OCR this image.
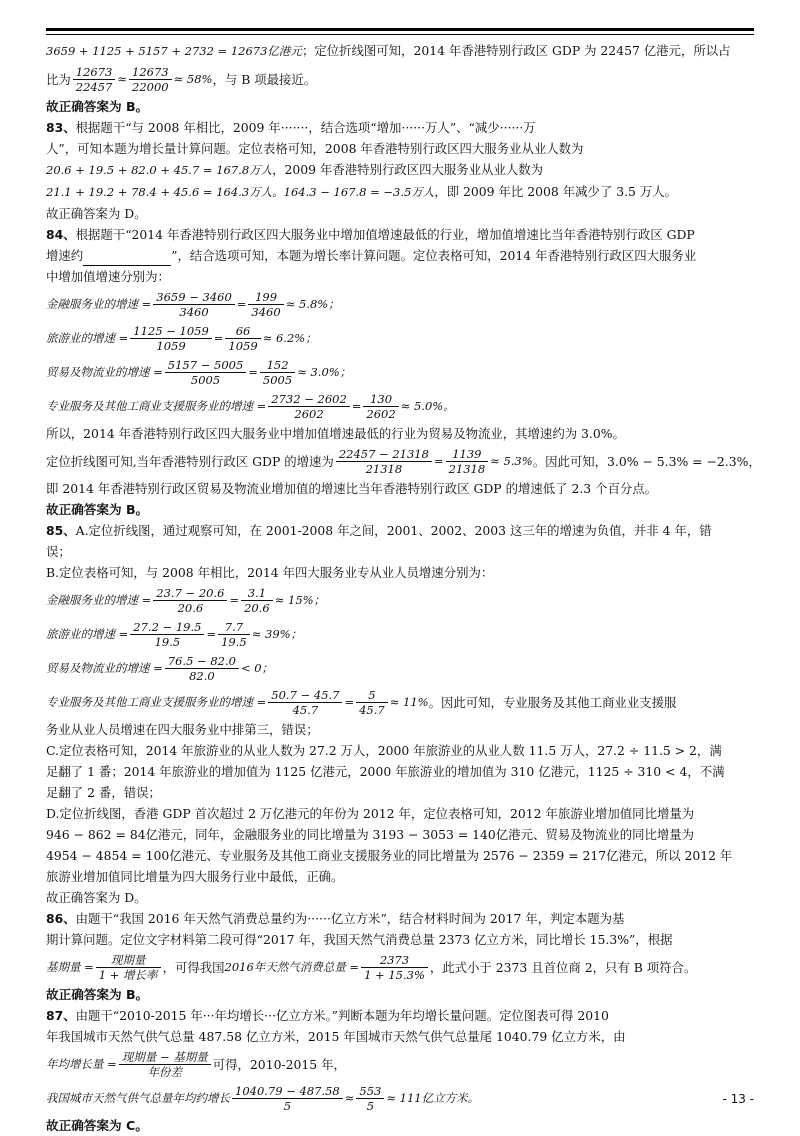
3659 + 1125 + 5157 + 2732 = 12673亿港元；定位折线图可知，2014 年香港特别行政区 GDP 为 22457 亿港元，所以占
比为 $\frac{12673}{22457} \approx \frac{12673}{22000} \approx 58\%$ ，与 B 项最接近。
故正确答案为 B。
83、根据题干“与 2008 年相比，2009 年·······，结合选项“增加······万人”、“减少······万
人”，可知本题为增长量计算问题。定位表格可知，2008 年香港特别行政区四大服务业从业人数为
20.6 + 19.5 + 82.0 + 45.7 = 167.8万人，2009 年香港特别行政区四大服务业从业人数为
21.1 + 19.2 + 78.4 + 45.6 = 164.3万人。164.3 − 167.8 = −3.5万人，即 2009 年比 2008 年减少了 3.5 万人。
故正确答案为 D。
84、根据题干“2014 年香港特别行政区四大服务业中增加值增速最低的行业，增加值增速比当年香港特别行政区 GDP
增速约	”，结合选项可知，本题为增长率计算问题。定位表格可知，2014 年香港特别行政区四大服务业
中增加值增速分别为：
金融服务业的增速 = $\frac{3659 - 3460}{3460} = \frac{199}{3460} \approx 5.8\%$；
旅游业的增速 = $\frac{1125 - 1059}{1059} = \frac{66}{1059} \approx 6.2\%$；
贸易及物流业的增速 = $\frac{5157 - 5005}{5005} = \frac{152}{5005} \approx 3.0\%$；
专业服务及其他工商业支援服务业的增速 = $\frac{2732 - 2602}{2602} = \frac{130}{2602} \approx 5.0\%$。
所以，2014 年香港特别行政区四大服务业中增加值增速最低的行业为贸易及物流业，其增速约为 3.0%。
定位折线图可知,当年香港特别行政区 GDP 的增速为 $\frac{22457 - 21318}{21318} = \frac{1139}{21318} \approx 5.3\%$ 。因此可知，3.0% − 5.3% = −2.3%，
即 2014 年香港特别行政区贸易及物流业增加值的增速比当年香港特别行政区 GDP 的增速低了 2.3 个百分点。
故正确答案为 B。
85、A.定位折线图，通过观察可知，在 2001-2008 年之间，2001、2002、2003 这三年的增速为负值，并非 4 年，错
误；
B.定位表格可知，与 2008 年相比，2014 年四大服务业专从业人员增速分别为：
金融服务业的增速 = $\frac{23.7 - 20.6}{20.6} = \frac{3.1}{20.6} \approx 15\%$；
旅游业的增速 = $\frac{27.2 - 19.5}{19.5} = \frac{7.7}{19.5} \approx 39\%$；
贸易及物流业的增速 = $\frac{76.5 - 82.0}{82.0} < 0$；
专业服务及其他工商业支援服务业的增速 = $\frac{50.7 - 45.7}{45.7} = \frac{5}{45.7} \approx 11\%$ 。因此可知，专业服务及其他工商业业支援服
务业从业人员增速在四大服务业中排第三，错误；
C.定位表格可知，2014 年旅游业的从业人数为 27.2 万人，2000 年旅游业的从业人数 11.5 万人，27.2 ÷ 11.5 > 2，满
足翻了 1 番；2014 年旅游业的增加值为 1125 亿港元，2000 年旅游业的增加值为 310 亿港元，1125 ÷ 310 < 4，不满
足翻了 2 番，错误；
D.定位折线图，香港 GDP 首次超过 2 万亿港元的年份为 2012 年，定位表格可知，2012 年旅游业增加值同比增量为
946 − 862 = 84亿港元，同年，金融服务业的同比增量为 3193 − 3053 = 140亿港元、贸易及物流业的同比增量为
4954 − 4854 = 100亿港元、专业服务及其他工商业支援服务业的同比增量为 2576 − 2359 = 217亿港元，所以 2012 年
旅游业增加值同比增量为四大服务行业中最低，正确。
故正确答案为 D。
86、由题干“我国 2016 年天然气消费总量约为······亿立方米”，结合材料时间为 2017 年，判定本题为基
期计算问题。定位文字材料第二段可得“2017 年，我国天然气消费总量 2373 亿立方米，同比增长 15.3%”，根据
基期量 = $\frac{\text{现期量}}{\text{1 + 增长率}}$ ，可得我国 2016年天然气消费总量 = $\frac{2373}{1 + 15.3\%}$ ，此式小于 2373 且首位商 2，只有 B 项符合。
故正确答案为 B。
87、由题干“2010-2015 年···年均增长···亿立方米。”判断本题为年均增长量问题。定位图表可得 2010
年我国城市天然气供气总量 487.58 亿立方米，2015 年国城市天然气供气总量尾 1040.79 亿立方米，由
年均增长量 = $\frac{\text{现期量 − 基期量}}{\text{年份差}}$ 可得，2010-2015 年，
我国城市天然气供气总量年均约增长 $\frac{1040.79 - 487.58}{5} \approx \frac{553}{5} \approx 111$亿立方米。
故正确答案为 C。
- 13 -
